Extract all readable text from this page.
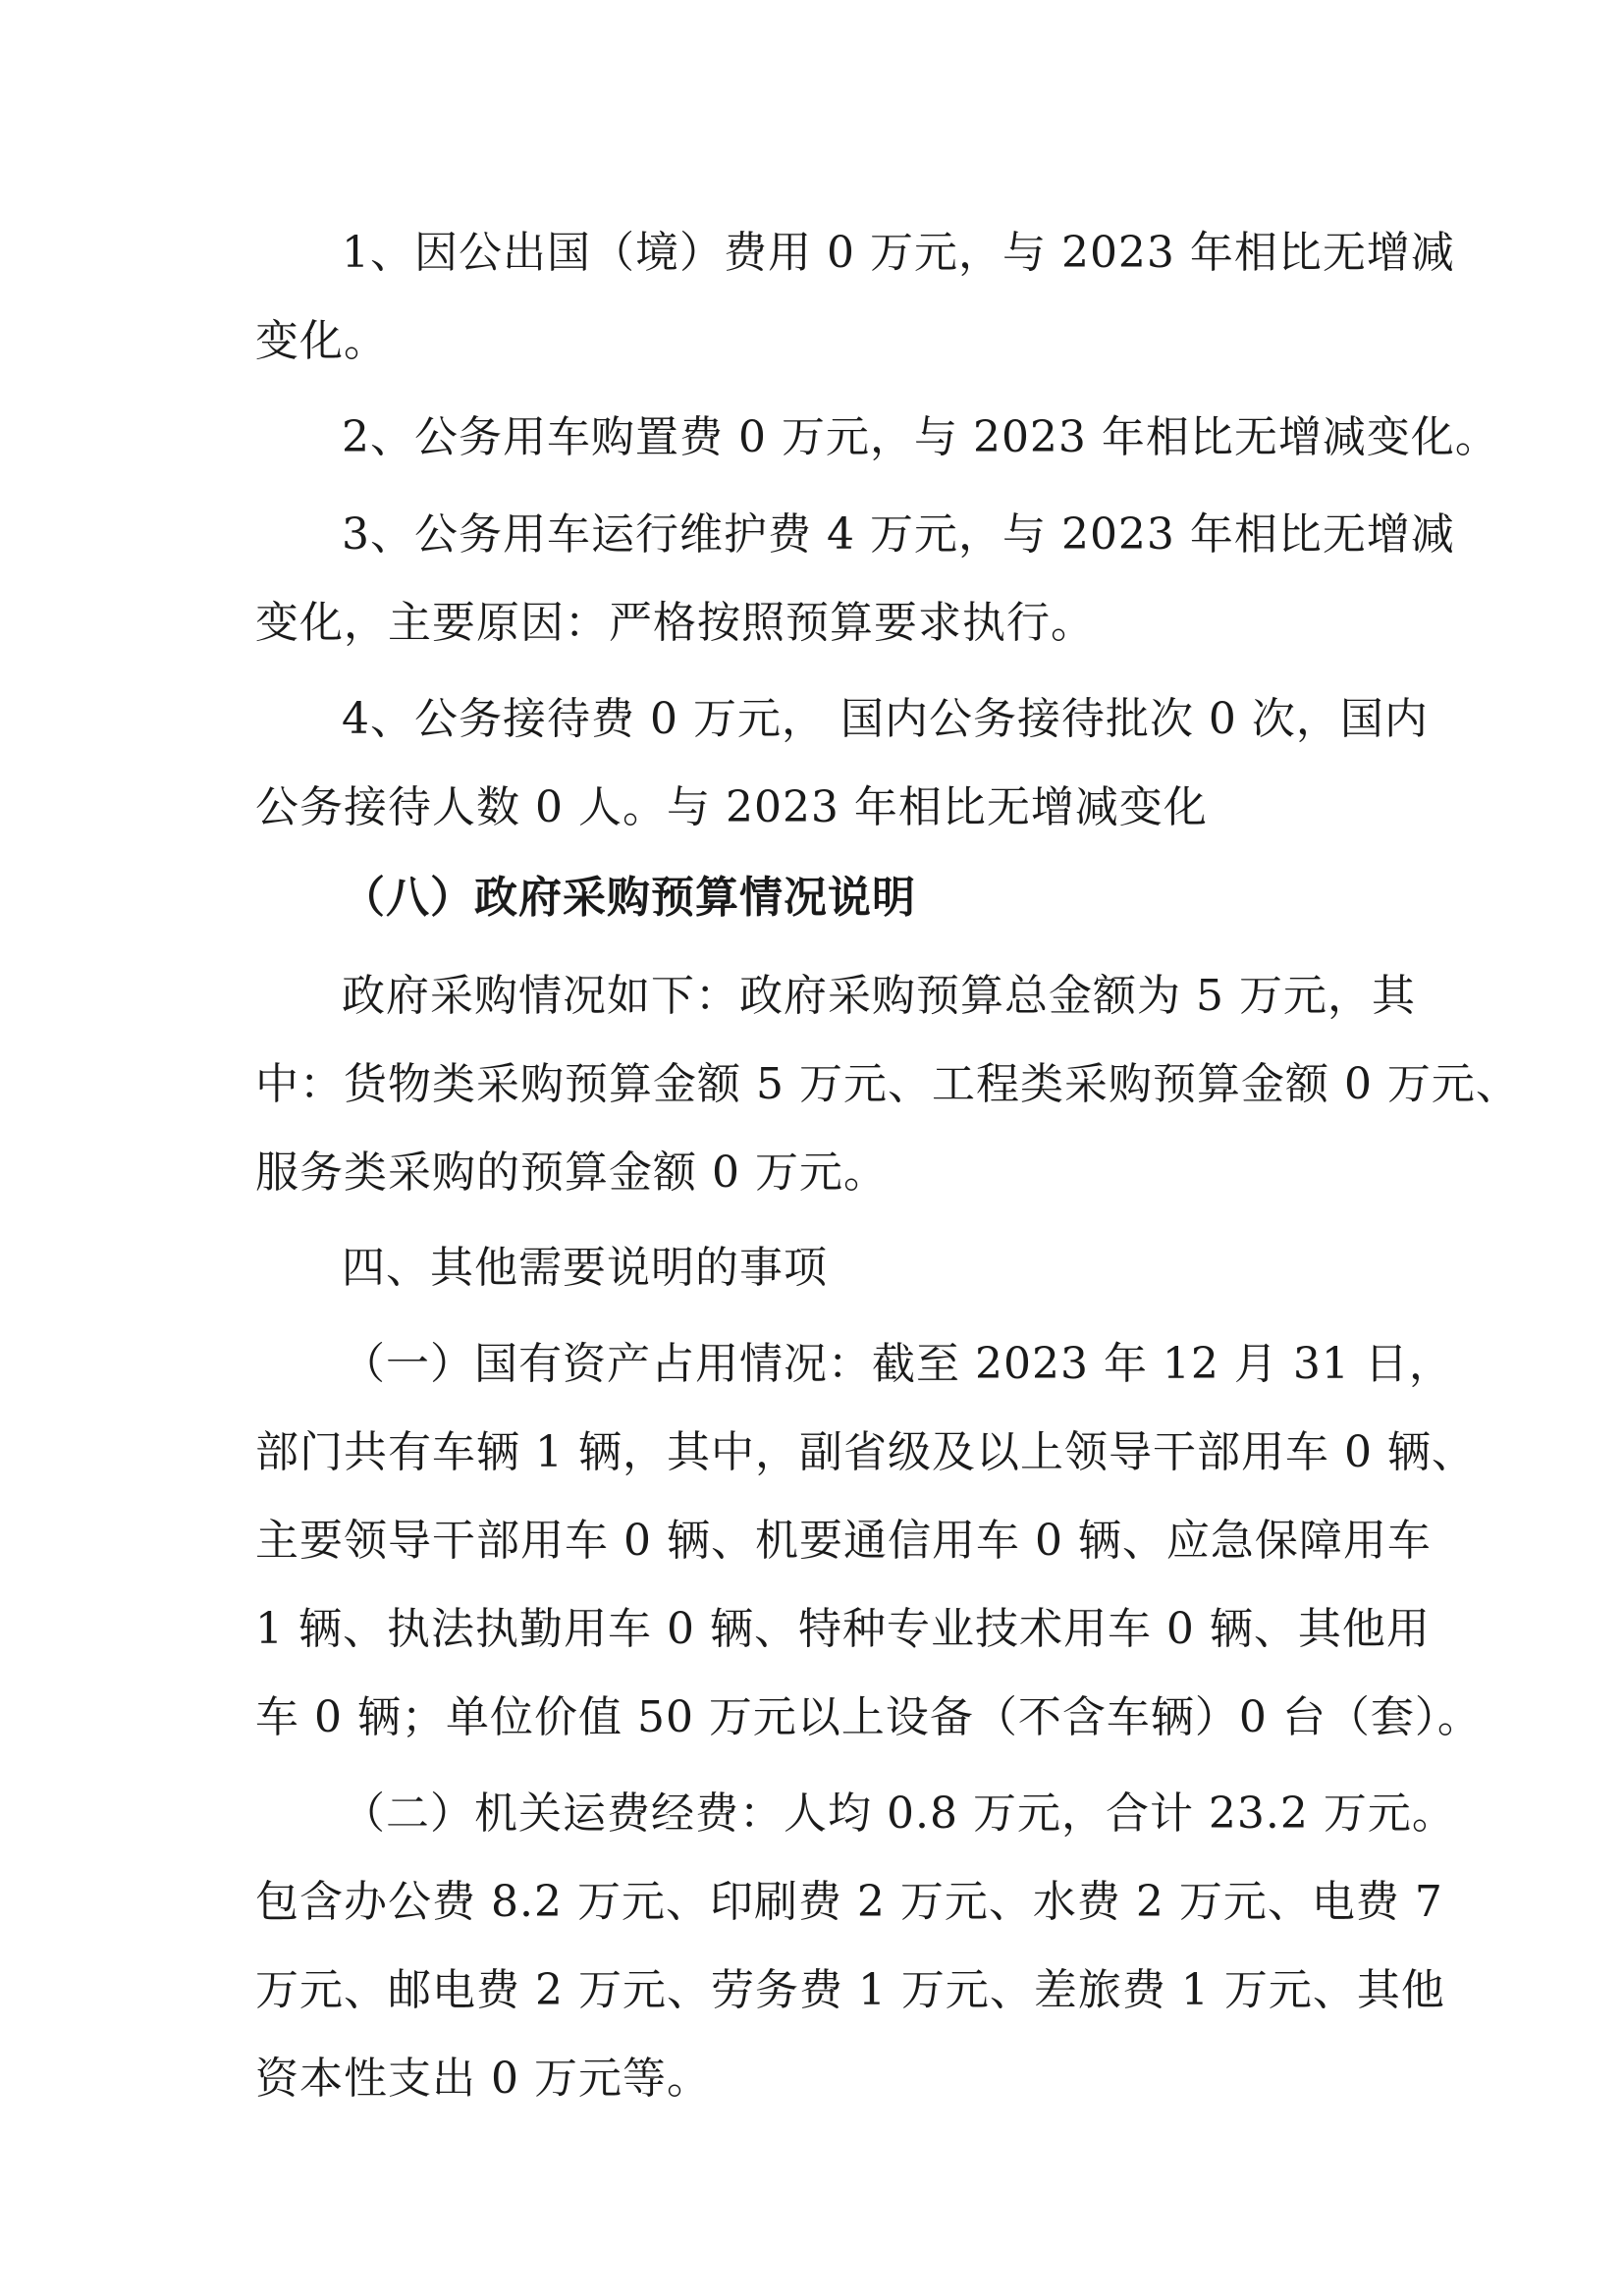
1、因公出国（境）费用 0 万元，与 2023 年相比无增减
变化。
2、公务用车购置费 0 万元，与 2023 年相比无增减变化。
3、公务用车运行维护费 4 万元，与 2023 年相比无增减
变化，主要原因：严格按照预算要求执行。
4、公务接待费 0 万元， 国内公务接待批次 0 次，国内
公务接待人数 0 人。与 2023 年相比无增减变化
（八）政府采购预算情况说明
政府采购情况如下：政府采购预算总金额为 5 万元，其
中：货物类采购预算金额 5 万元、工程类采购预算金额 0 万元、
服务类采购的预算金额 0 万元。
四、其他需要说明的事项
（一）国有资产占用情况：截至 2023 年 12 月 31 日，
部门共有车辆 1 辆，其中，副省级及以上领导干部用车 0 辆、
主要领导干部用车 0 辆、机要通信用车 0 辆、应急保障用车
1 辆、执法执勤用车 0 辆、特种专业技术用车 0 辆、其他用
车 0 辆；单位价值 50 万元以上设备（不含车辆）0 台（套）。
（二）机关运费经费：人均 0.8 万元，合计 23.2 万元。
包含办公费 8.2 万元、印刷费 2 万元、水费 2 万元、电费 7
万元、邮电费 2 万元、劳务费 1 万元、差旅费 1 万元、其他
资本性支出 0 万元等。
